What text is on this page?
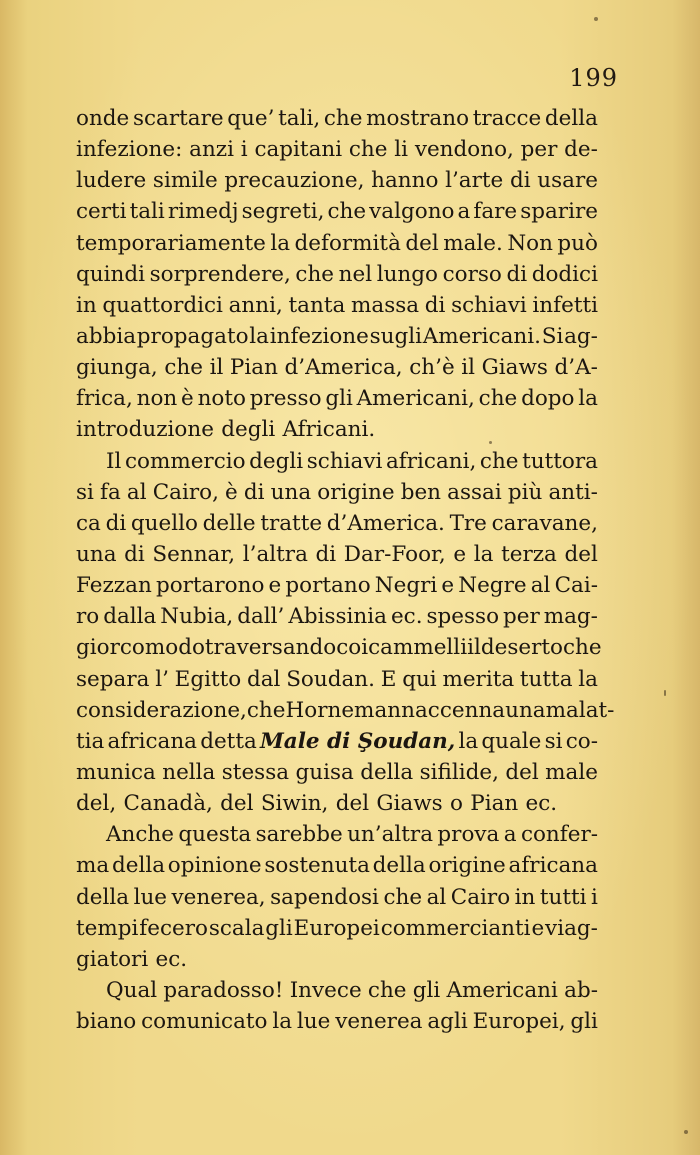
199
onde scartare que’ tali, che mostrano tracce della
infezione: anzi i capitani che li vendono, per de-
ludere simile precauzione, hanno l’arte di usare
certi tali rimedj segreti, che valgono a fare sparire
temporariamente la deformità del male. Non può
quindi sorprendere, che nel lungo corso di dodici
in quattordici anni, tanta massa di schiavi infetti
abbia propagato la infezione sugli Americani. Si ag-
giunga, che il Pian d’America, ch’è il Giaws d’A-
frica, non è noto presso gli Americani, che dopo la
introduzione degli Africani.
Il commercio degli schiavi africani, che tuttora
si fa al Cairo, è di una origine ben assai più anti-
ca di quello delle tratte d’America. Tre caravane,
una di Sennar, l’altra di Dar-Foor, e la terza del
Fezzan portarono e portano Negri e Negre al Cai-
ro dalla Nubia, dall’ Abissinia ec. spesso per mag-
gior comodo traversando coi cammelli il deserto che
separa l’ Egitto dal Soudan. E qui merita tutta la
considerazione, che Hornemann accenna una malat-
tia africana detta Male di Şoudan, la quale si co-
munica nella stessa guisa della sifilide, del male
del, Canadà, del Siwin, del Giaws o Pian ec.
Anche questa sarebbe un’altra prova a confer-
ma della opinione sostenuta della origine africana
della lue venerea, sapendosi che al Cairo in tutti i
tempi fecero scala gli Europei commercianti e viag-
giatori ec.
Qual paradosso! Invece che gli Americani ab-
biano comunicato la lue venerea agli Europei, gli
